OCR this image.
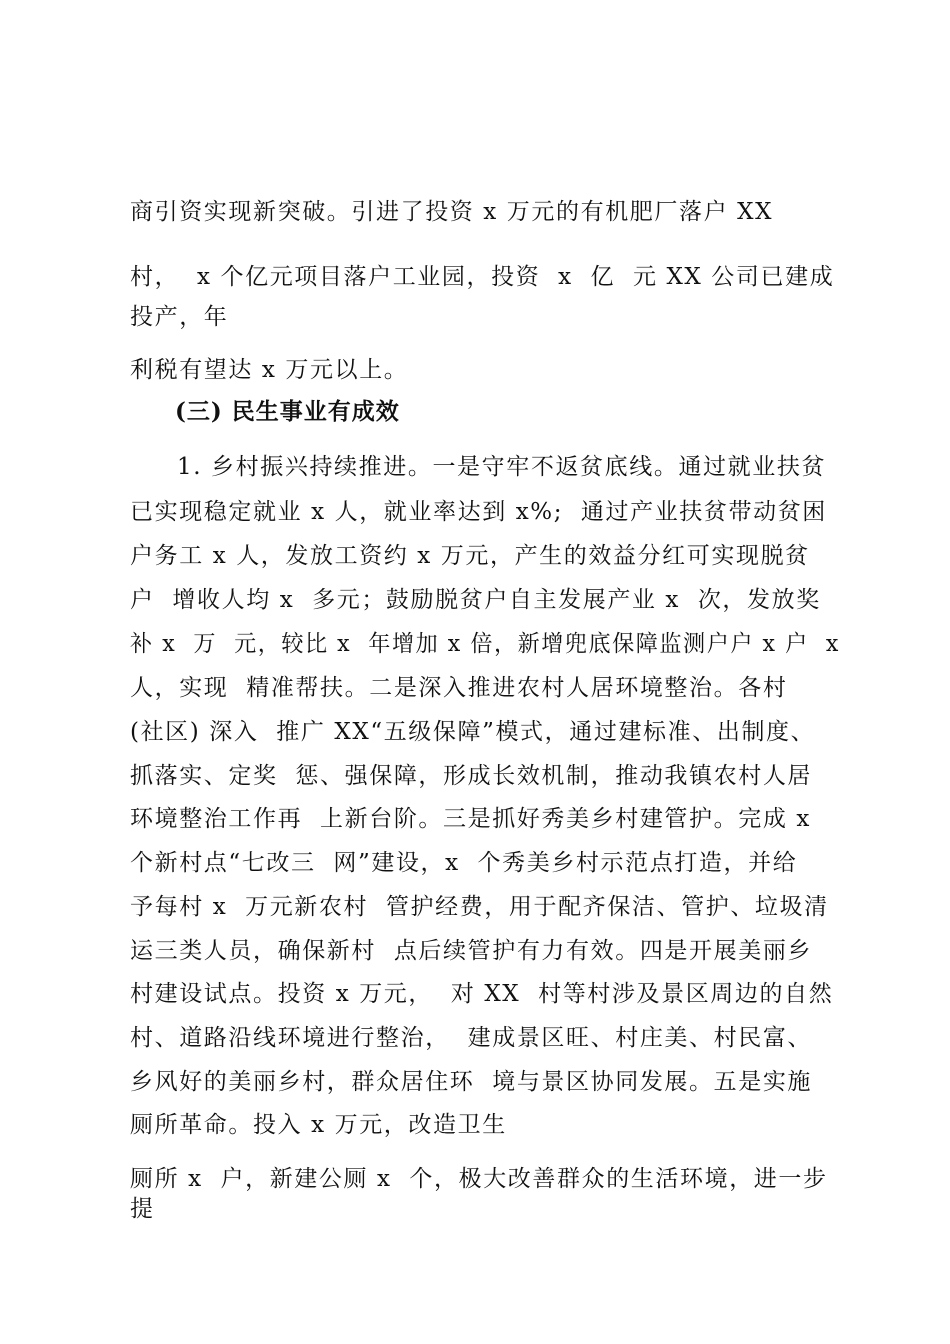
商引资实现新突破。引进了投资 x 万元的有机肥厂落户 XX
村，  x 个亿元项目落户工业园，投资  x  亿  元 XX 公司已建成
投产，年
利税有望达 x 万元以上。
(三) 民生事业有成效
1. 乡村振兴持续推进。一是守牢不返贫底线。通过就业扶贫
已实现稳定就业 x 人，就业率达到 x%;  通过产业扶贫带动贫困
户务工 x 人，发放工资约 x 万元，产生的效益分红可实现脱贫
户  增收人均 x  多元；鼓励脱贫户自主发展产业 x  次，发放奖
补 x  万  元，较比 x  年增加 x 倍，新增兜底保障监测户户 x 户  x
人，实现  精准帮扶。二是深入推进农村人居环境整治。各村
(社区) 深入  推广 XX“五级保障”模式，通过建标准、出制度、
抓落实、定奖  惩、强保障，形成长效机制，推动我镇农村人居
环境整治工作再  上新台阶。三是抓好秀美乡村建管护。完成 x
个新村点“七改三  网”建设，x  个秀美乡村示范点打造，并给
予每村 x  万元新农村  管护经费，用于配齐保洁、管护、垃圾清
运三类人员，确保新村  点后续管护有力有效。四是开展美丽乡
村建设试点。投资 x 万元，  对 XX  村等村涉及景区周边的自然
村、道路沿线环境进行整治，  建成景区旺、村庄美、村民富、
乡风好的美丽乡村，群众居住环  境与景区协同发展。五是实施
厕所革命。投入 x 万元，改造卫生
厕所 x  户，新建公厕 x  个，极大改善群众的生活环境，进一步
提
